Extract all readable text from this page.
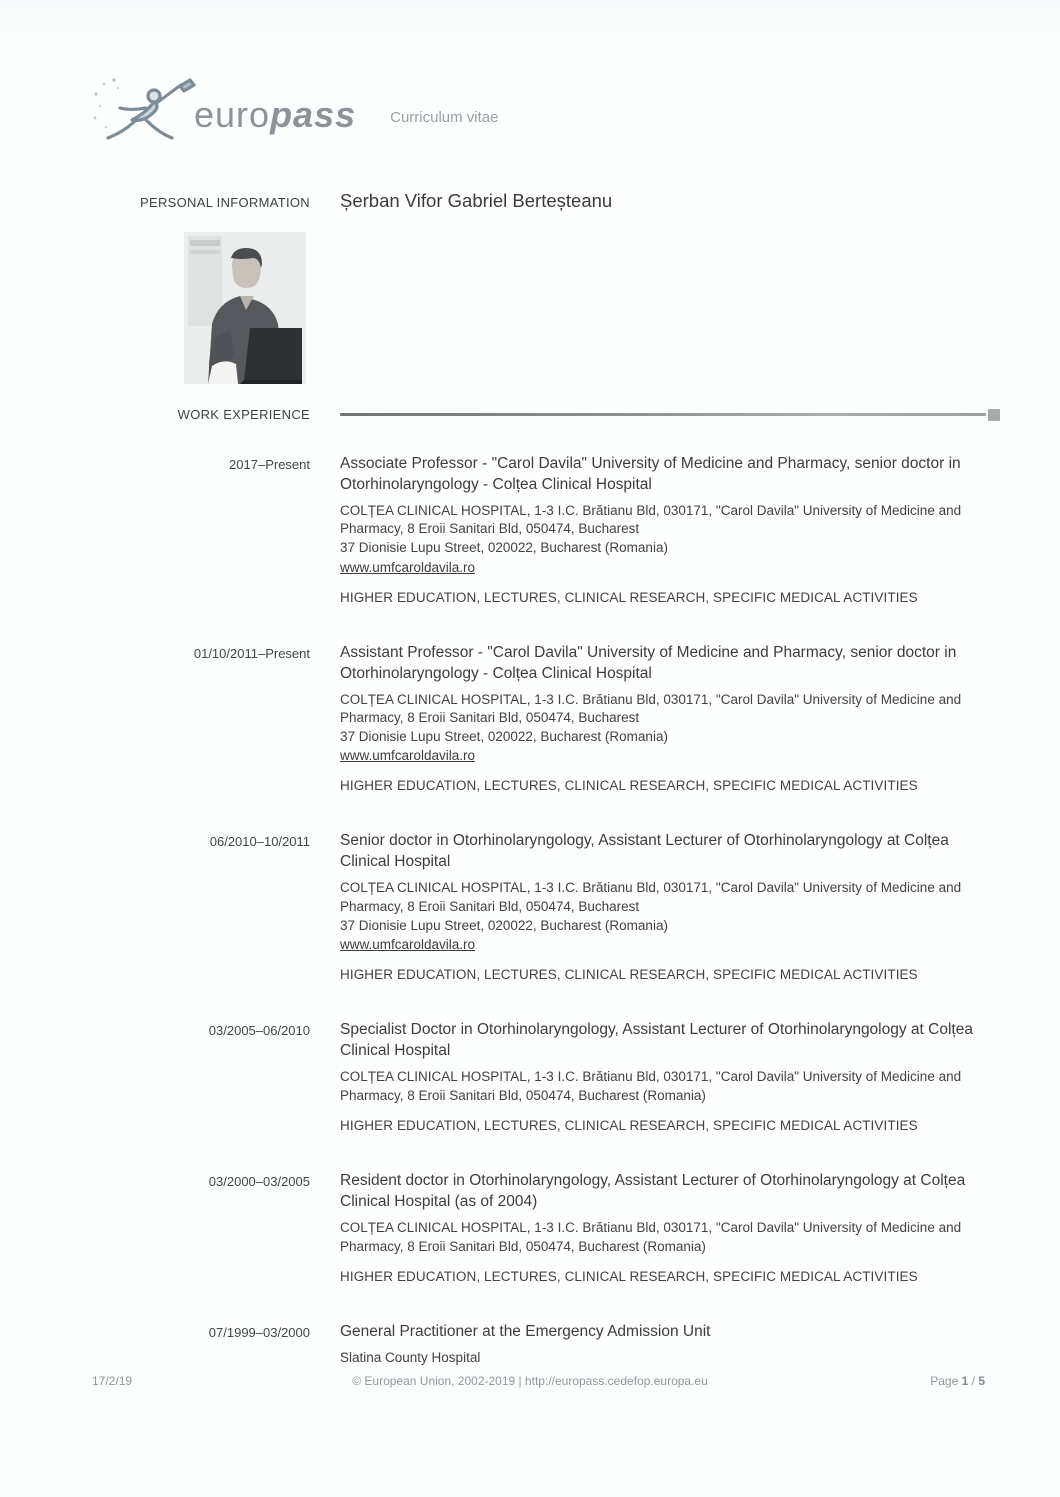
europass Curriculum vitae
PERSONAL INFORMATION Șerban Vifor Gabriel Berteșteanu
WORK EXPERIENCE
2017–Present Associate Professor - "Carol Davila" University of Medicine and Pharmacy, senior doctor in Otorhinolaryngology - Colțea Clinical Hospital
COLȚEA CLINICAL HOSPITAL, 1-3 I.C. Brătianu Bld, 030171, "Carol Davila" University of Medicine and Pharmacy, 8 Eroii Sanitari Bld, 050474, Bucharest
37 Dionisie Lupu Street, 020022, Bucharest (Romania)
www.umfcaroldavila.ro
HIGHER EDUCATION, LECTURES, CLINICAL RESEARCH, SPECIFIC MEDICAL ACTIVITIES
01/10/2011–Present Assistant Professor - "Carol Davila" University of Medicine and Pharmacy, senior doctor in Otorhinolaryngology - Colțea Clinical Hospital
COLȚEA CLINICAL HOSPITAL, 1-3 I.C. Brătianu Bld, 030171, "Carol Davila" University of Medicine and Pharmacy, 8 Eroii Sanitari Bld, 050474, Bucharest
37 Dionisie Lupu Street, 020022, Bucharest (Romania)
www.umfcaroldavila.ro
HIGHER EDUCATION, LECTURES, CLINICAL RESEARCH, SPECIFIC MEDICAL ACTIVITIES
06/2010–10/2011 Senior doctor in Otorhinolaryngology, Assistant Lecturer of Otorhinolaryngology at Colțea Clinical Hospital
COLȚEA CLINICAL HOSPITAL, 1-3 I.C. Brătianu Bld, 030171, "Carol Davila" University of Medicine and Pharmacy, 8 Eroii Sanitari Bld, 050474, Bucharest
37 Dionisie Lupu Street, 020022, Bucharest (Romania)
www.umfcaroldavila.ro
HIGHER EDUCATION, LECTURES, CLINICAL RESEARCH, SPECIFIC MEDICAL ACTIVITIES
03/2005–06/2010 Specialist Doctor in Otorhinolaryngology, Assistant Lecturer of Otorhinolaryngology at Colțea Clinical Hospital
COLȚEA CLINICAL HOSPITAL, 1-3 I.C. Brătianu Bld, 030171, "Carol Davila" University of Medicine and Pharmacy, 8 Eroii Sanitari Bld, 050474, Bucharest (Romania)
HIGHER EDUCATION, LECTURES, CLINICAL RESEARCH, SPECIFIC MEDICAL ACTIVITIES
03/2000–03/2005 Resident doctor in Otorhinolaryngology, Assistant Lecturer of Otorhinolaryngology at Colțea Clinical Hospital (as of 2004)
COLȚEA CLINICAL HOSPITAL, 1-3 I.C. Brătianu Bld, 030171, "Carol Davila" University of Medicine and Pharmacy, 8 Eroii Sanitari Bld, 050474, Bucharest (Romania)
HIGHER EDUCATION, LECTURES, CLINICAL RESEARCH, SPECIFIC MEDICAL ACTIVITIES
07/1999–03/2000 General Practitioner at the Emergency Admission Unit
Slatina County Hospital
17/2/19	© European Union, 2002-2019 | http://europass.cedefop.europa.eu	Page 1 / 5
